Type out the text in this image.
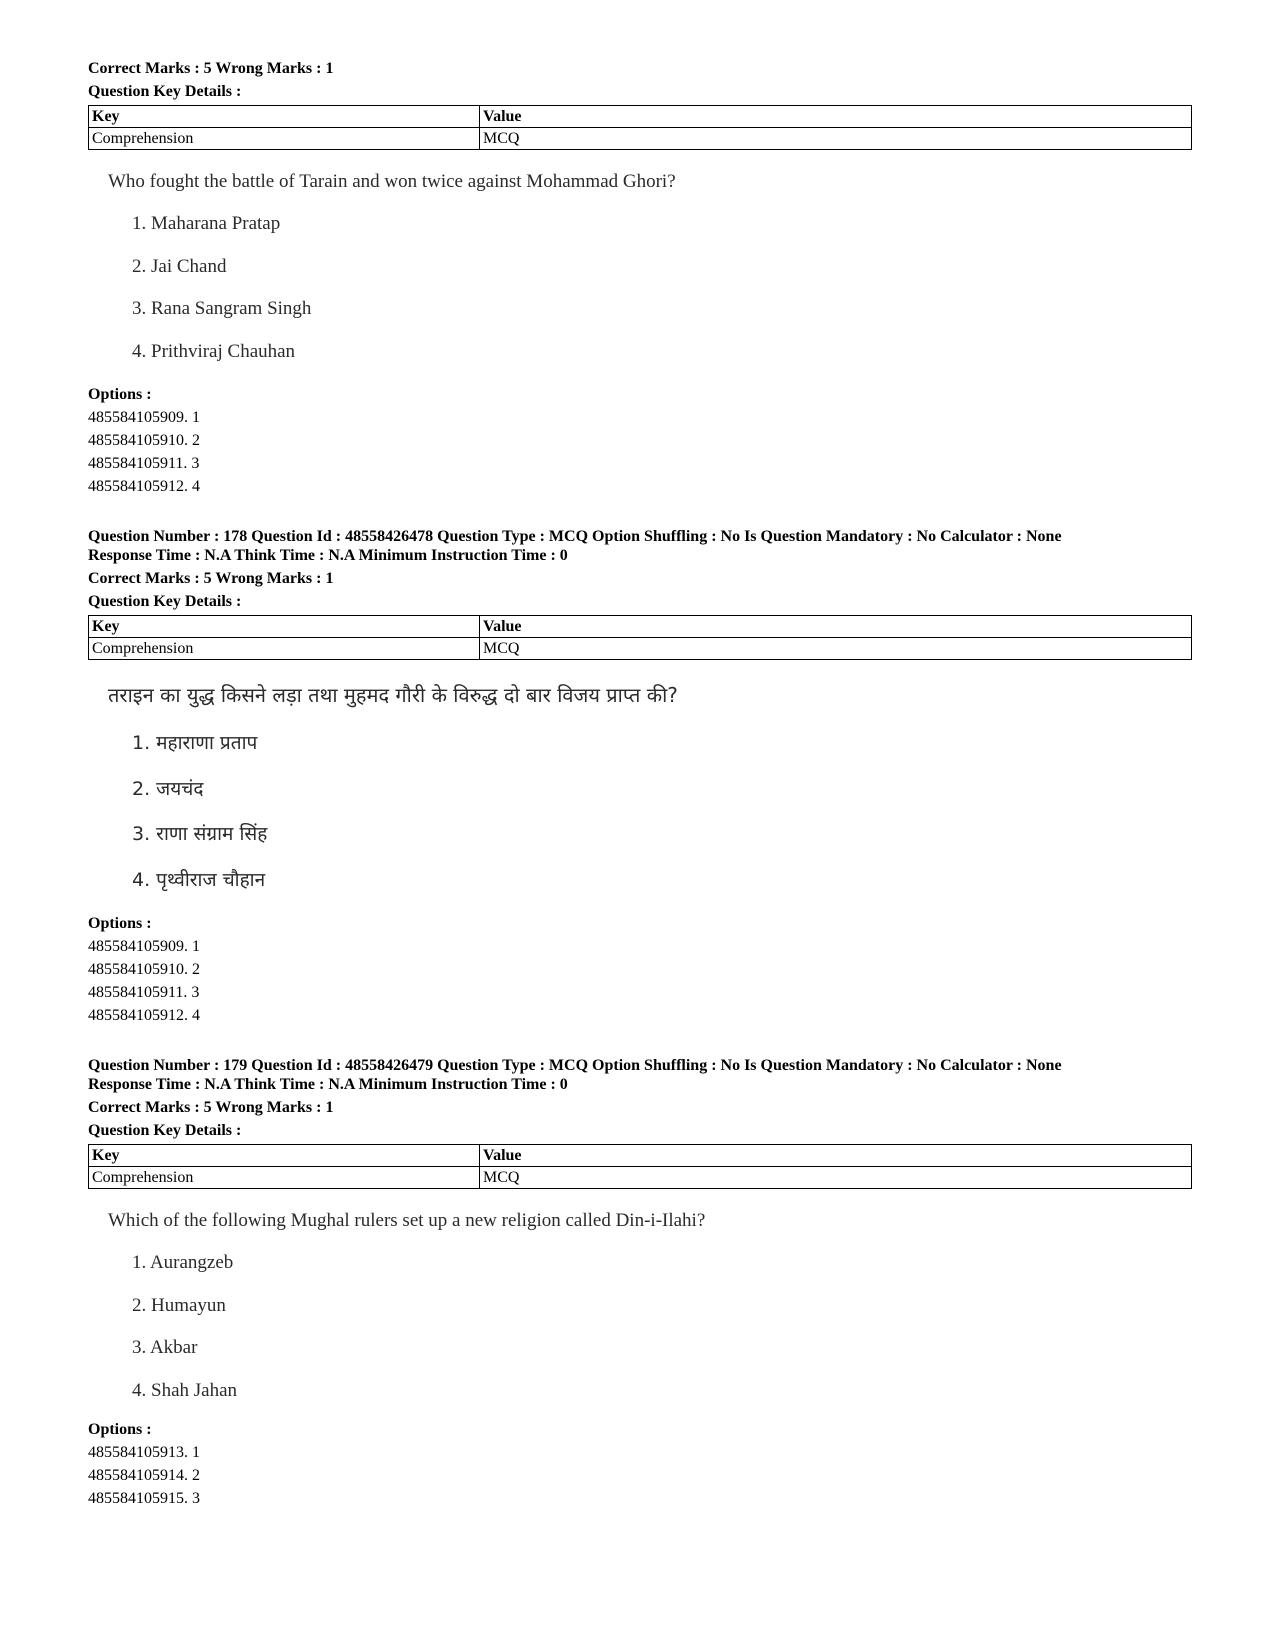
Correct Marks : 5 Wrong Marks : 1
Question Key Details :
Key	Value
Comprehension	MCQ
Who fought the battle of Tarain and won twice against Mohammad Ghori?
1. Maharana Pratap
2. Jai Chand
3. Rana Sangram Singh
4. Prithviraj Chauhan
Options :
485584105909. 1
485584105910. 2
485584105911. 3
485584105912. 4
Question Number : 178 Question Id : 48558426478 Question Type : MCQ Option Shuffling : No Is Question Mandatory : No Calculator : None
Response Time : N.A Think Time : N.A Minimum Instruction Time : 0
Correct Marks : 5 Wrong Marks : 1
Question Key Details :
Key	Value
Comprehension	MCQ
तराइन का युद्ध किसने लड़ा तथा मुहमद गौरी के विरुद्ध दो बार विजय प्राप्त की?
1. महाराणा प्रताप
2. जयचंद
3. राणा संग्राम सिंह
4. पृथ्वीराज चौहान
Options :
485584105909. 1
485584105910. 2
485584105911. 3
485584105912. 4
Question Number : 179 Question Id : 48558426479 Question Type : MCQ Option Shuffling : No Is Question Mandatory : No Calculator : None
Response Time : N.A Think Time : N.A Minimum Instruction Time : 0
Correct Marks : 5 Wrong Marks : 1
Question Key Details :
Key	Value
Comprehension	MCQ
Which of the following Mughal rulers set up a new religion called Din-i-Ilahi?
1. Aurangzeb
2. Humayun
3. Akbar
4. Shah Jahan
Options :
485584105913. 1
485584105914. 2
485584105915. 3
